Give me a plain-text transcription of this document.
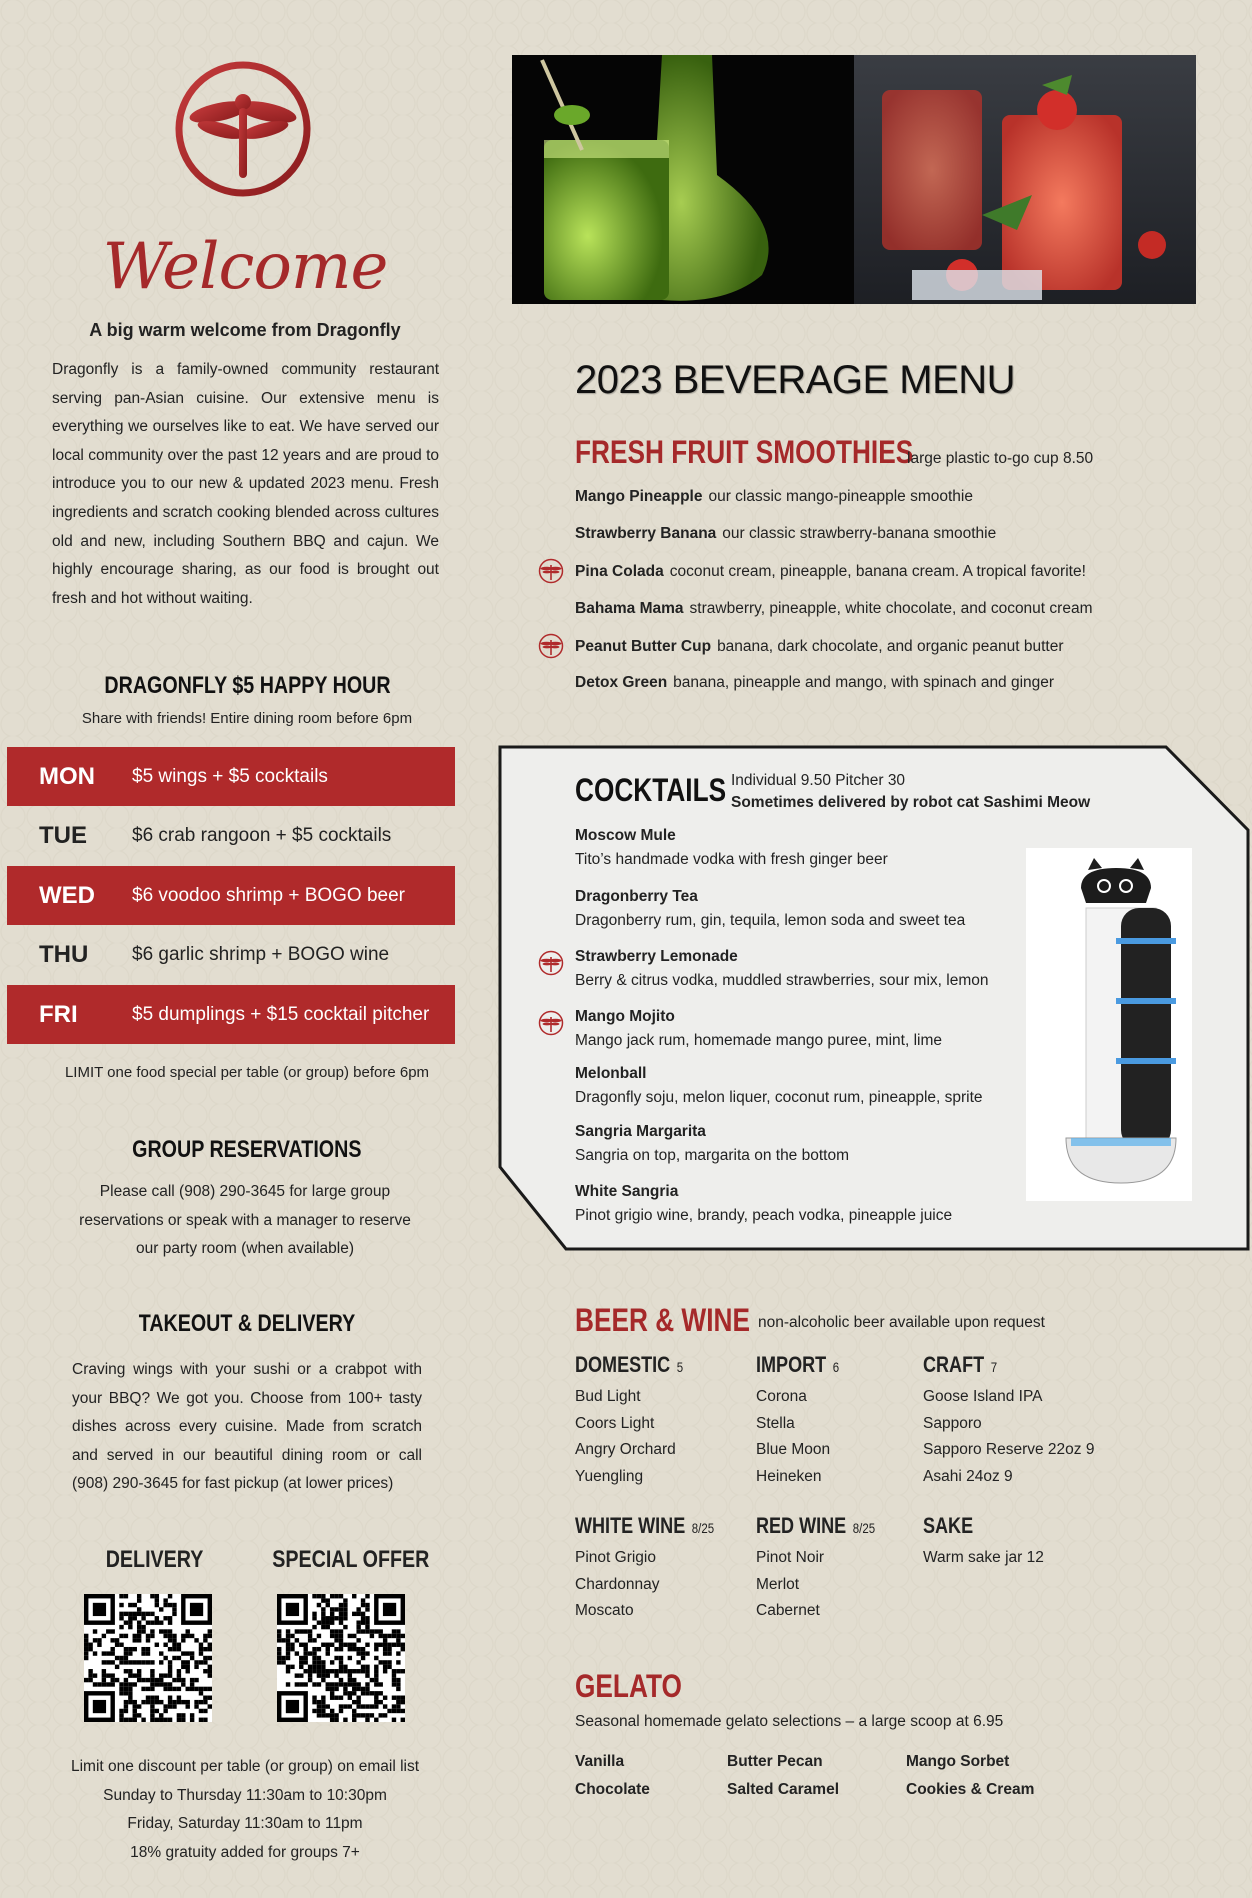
Welcome
A big warm welcome from Dragonfly
Dragonfly is a family-owned community restaurant serving pan-Asian cuisine. Our extensive menu is everything we ourselves like to eat. We have served our local community over the past 12 years and are proud to introduce you to our new & updated 2023 menu. Fresh ingredients and scratch cooking blended across cultures old and new, including Southern BBQ and cajun. We highly encourage sharing, as our food is brought out fresh and hot without waiting.
DRAGONFLY $5 HAPPY HOUR
Share with friends! Entire dining room before 6pm
MON $5 wings + $5 cocktails
TUE $6 crab rangoon + $5 cocktails
WED $6 voodoo shrimp + BOGO beer
THU $6 garlic shrimp + BOGO wine
FRI	$5 dumplings + $15 cocktail pitcher
LIMIT one food special per table (or group) before 6pm
GROUP RESERVATIONS
Please call (908) 290-3645 for large group reservations or speak with a manager to reserve our party room (when available)
TAKEOUT & DELIVERY
Craving wings with your sushi or a crabpot with your BBQ? We got you. Choose from 100+ tasty dishes across every cuisine. Made from scratch and served in our beautiful dining room or call (908) 290-3645 for fast pickup (at lower prices)
DELIVERY	SPECIAL OFFER
Limit one discount per table (or group) on email list
Sunday to Thursday 11:30am to 10:30pm
Friday, Saturday 11:30am to 11pm
18% gratuity added for groups 7+
2023 BEVERAGE MENU
FRESH FRUIT SMOOTHIES
large plastic to-go cup 8.50
Mango Pineapple our classic mango-pineapple smoothie
Strawberry Banana our classic strawberry-banana smoothie
Pina Colada coconut cream, pineapple, banana cream. A tropical favorite!
Bahama Mama strawberry, pineapple, white chocolate, and coconut cream
Peanut Butter Cup banana, dark chocolate, and organic peanut butter
Detox Green banana, pineapple and mango, with spinach and ginger
COCKTAILS Individual 9.50 Pitcher 30
Sometimes delivered by robot cat Sashimi Meow
Moscow Mule
Tito’s handmade vodka with fresh ginger beer
Dragonberry Tea
Dragonberry rum, gin, tequila, lemon soda and sweet tea
Strawberry Lemonade
Berry & citrus vodka, muddled strawberries, sour mix, lemon
Mango Mojito
Mango jack rum, homemade mango puree, mint, lime
Melonball
Dragonfly soju, melon liquer, coconut rum, pineapple, sprite
Sangria Margarita
Sangria on top, margarita on the bottom
White Sangria
Pinot grigio wine, brandy, peach vodka, pineapple juice
BEER & WINE non-alcoholic beer available upon request
DOMESTIC 5
Bud Light
Coors Light
Angry Orchard
Yuengling
IMPORT 6
Corona
Stella
Blue Moon
Heineken
CRAFT 7
Goose Island IPA
Sapporo
Sapporo Reserve 22oz 9
Asahi 24oz 9
WHITE WINE 8/25
Pinot Grigio
Chardonnay
Moscato
RED WINE 8/25
Pinot Noir
Merlot
Cabernet
SAKE
Warm sake jar 12
GELATO
Seasonal homemade gelato selections – a large scoop at 6.95
Vanilla
Chocolate
Butter Pecan
Salted Caramel
Mango Sorbet
Cookies & Cream
